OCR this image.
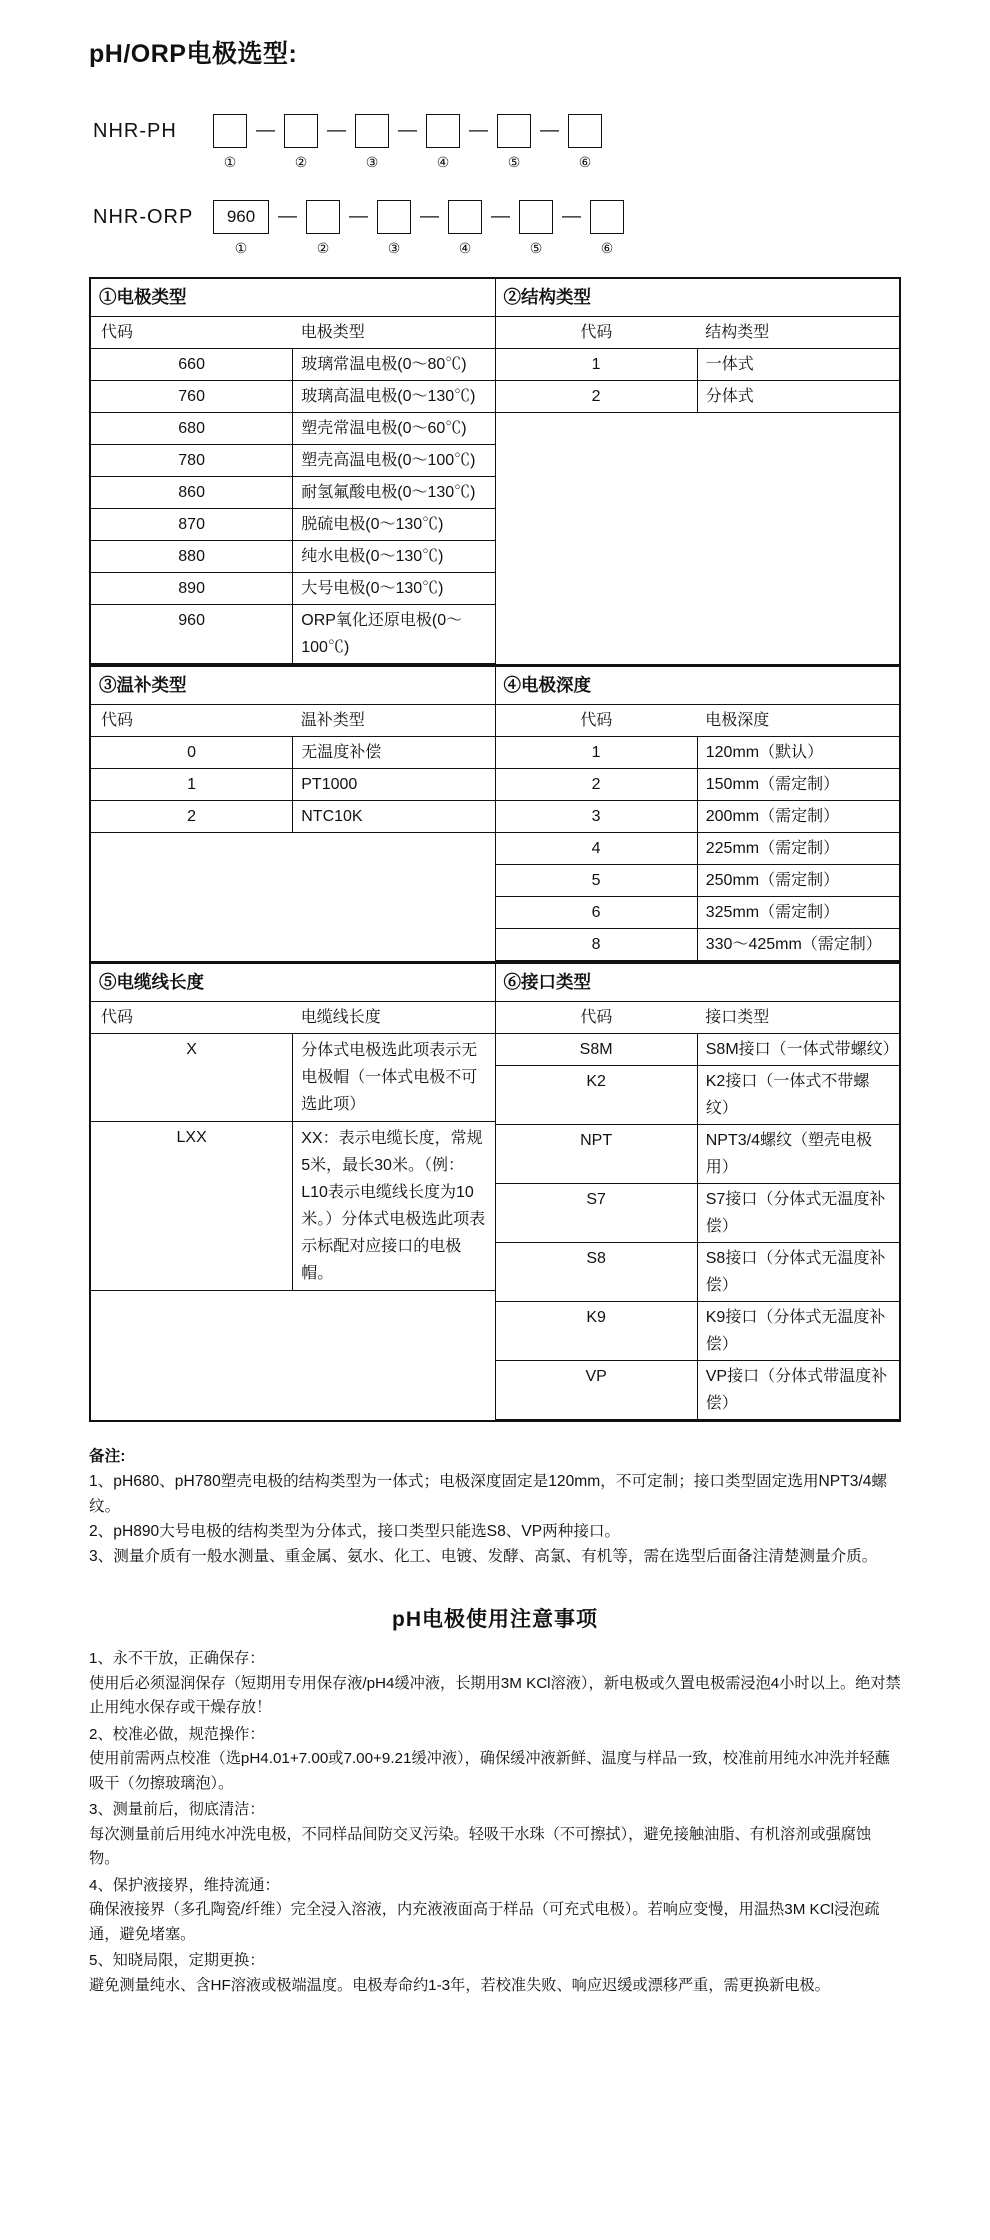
pH/ORP电极选型:
NHR-PH
①
—
②
—
③
—
④
—
⑤
—
⑥
NHR-ORP	960
①
—
②
—
③
—
④
—
⑤
—
⑥
①电极类型
代码	电极类型
660	玻璃常温电极(0～80℃)
760	玻璃高温电极(0～130℃)
680	塑壳常温电极(0～60℃)
780	塑壳高温电极(0～100℃)
860	耐氢氟酸电极(0～130℃)
870	脱硫电极(0～130℃)
880	纯水电极(0～130℃)
890	大号电极(0～130℃)
960	ORP氧化还原电极(0～100℃)

②结构类型
代码	结构类型
1	一体式
2	分体式
③温补类型
代码	温补类型
0	无温度补偿
1	PT1000
2	NTC10K

④电极深度
代码	电极深度
1	120mm（默认）
2	150mm（需定制）
3	200mm（需定制）
4	225mm（需定制）
5	250mm（需定制）
6	325mm（需定制）
8	330～425mm（需定制）
⑤电缆线长度
代码	电缆线长度
X	分体式电极选此项表示无电极帽（一体式电极不可选此项）
LXX	XX：表示电缆长度，常规5米，最长30米。（例：L10表示电缆线长度为10米。）分体式电极选此项表示标配对应接口的电极帽。

⑥接口类型
代码	接口类型
S8M	S8M接口（一体式带螺纹）
K2	K2接口（一体式不带螺纹）
NPT	NPT3/4螺纹（塑壳电极用）
S7	S7接口（分体式无温度补偿）
S8	S8接口（分体式无温度补偿）
K9	K9接口（分体式无温度补偿）
VP	VP接口（分体式带温度补偿）

备注:

1、pH680、pH780塑壳电极的结构类型为一体式；电极深度固定是120mm，不可定制；接口类型固定选用NPT3/4螺纹。

2、pH890大号电极的结构类型为分体式，接口类型只能选S8、VP两种接口。

3、测量介质有一般水测量、重金属、氨水、化工、电镀、发酵、高氯、有机等，需在选型后面备注清楚测量介质。

pH电极使用注意事项

1、永不干放，正确保存：

使用后必须湿润保存（短期用专用保存液/pH4缓冲液，长期用3M KCl溶液），新电极或久置电极需浸泡4小时以上。绝对禁止用纯水保存或干燥存放！

2、校准必做，规范操作：

使用前需两点校准（选pH4.01+7.00或7.00+9.21缓冲液），确保缓冲液新鲜、温度与样品一致，校准前用纯水冲洗并轻蘸吸干（勿擦玻璃泡）。

3、测量前后，彻底清洁：

每次测量前后用纯水冲洗电极，不同样品间防交叉污染。轻吸干水珠（不可擦拭），避免接触油脂、有机溶剂或强腐蚀物。

4、保护液接界，维持流通：

确保液接界（多孔陶瓷/纤维）完全浸入溶液，内充液液面高于样品（可充式电极）。若响应变慢，用温热3M KCl浸泡疏通，避免堵塞。

5、知晓局限，定期更换：

避免测量纯水、含HF溶液或极端温度。电极寿命约1-3年，若校准失败、响应迟缓或漂移严重，需更换新电极。
